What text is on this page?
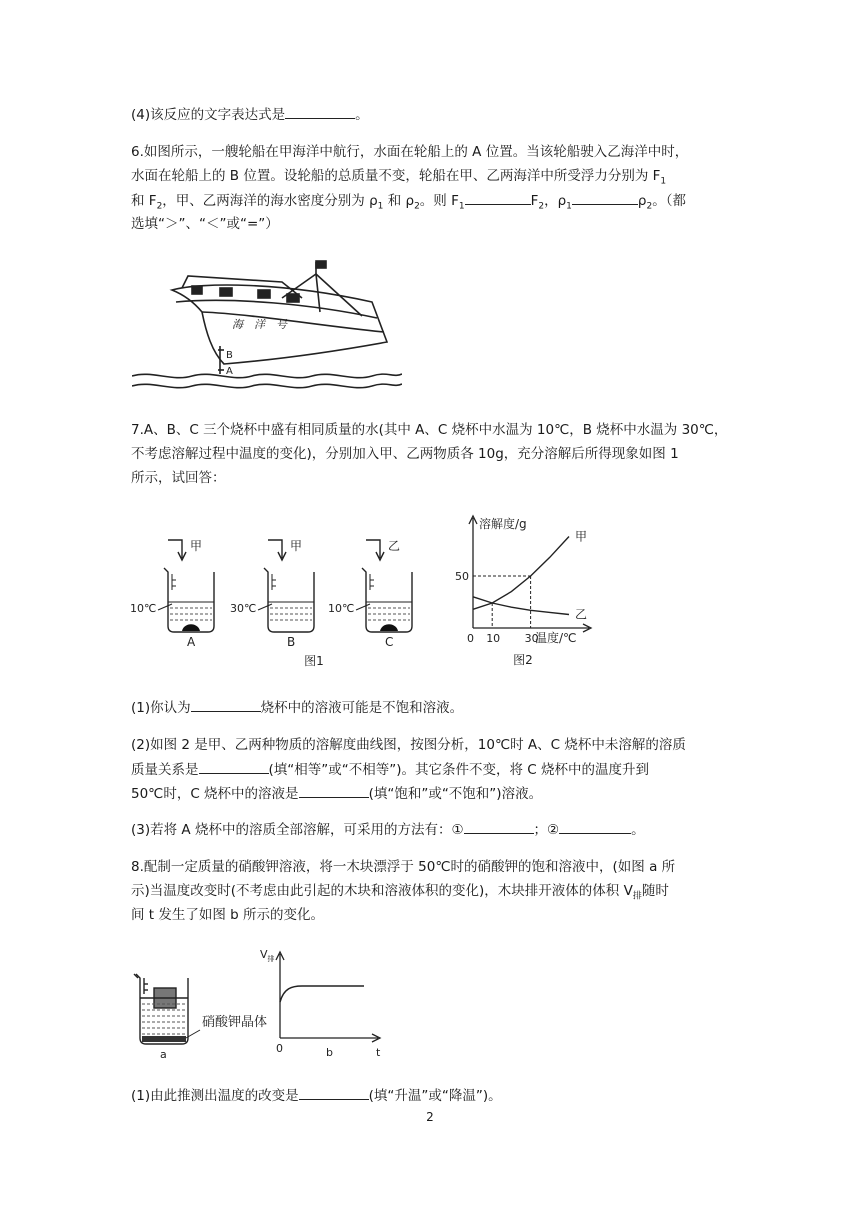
(4)该反应的文字表达式是	。
6.如图所示，一艘轮船在甲海洋中航行，水面在轮船上的 A 位置。当该轮船驶入乙海洋中时，
水面在轮船上的 B 位置。设轮船的总质量不变，轮船在甲、乙两海洋中所受浮力分别为 $F_1$
和 $F_2$，甲、乙两海洋的海水密度分别为 $\rho_1$ 和 $\rho_2$。则 $F_1$	$F_2$，$\rho_1$	$\rho_2$。（都
选填“＞”、“＜”或“=”）
海　洋　号
B
A
7.A、B、C 三个烧杯中盛有相同质量的水(其中 A、C 烧杯中水温为 10℃，B 烧杯中水温为 30℃，
不考虑溶解过程中温度的变化)，分别加入甲、乙两物质各 10g，充分溶解后所得现象如图 1
所示，试回答：
甲
10℃
A
甲
30℃
B
乙
10℃
C
图1
溶解度/g
温度/℃
0 10 30
50
甲
乙
图2
(1)你认为	烧杯中的溶液可能是不饱和溶液。
(2)如图 2 是甲、乙两种物质的溶解度曲线图，按图分析，10℃时 A、C 烧杯中未溶解的溶质
质量关系是	(填“相等”或“不相等”)。其它条件不变，将 C 烧杯中的温度升到
50℃时，C 烧杯中的溶液是	(填“饱和”或“不饱和”)溶液。
(3)若将 A 烧杯中的溶质全部溶解，可采用的方法有：①	；②	。
8.配制一定质量的硝酸钾溶液，将一木块漂浮于 50℃时的硝酸钾的饱和溶液中，(如图 a 所
示)当温度改变时(不考虑由此引起的木块和溶液体积的变化)，木块排开液体的体积 $V_排$随时
间 t 发生了如图 b 所示的变化。
硝酸钾晶体
a
$V_排$
0	b	t
(1)由此推测出温度的改变是	(填“升温”或“降温”)。
2
